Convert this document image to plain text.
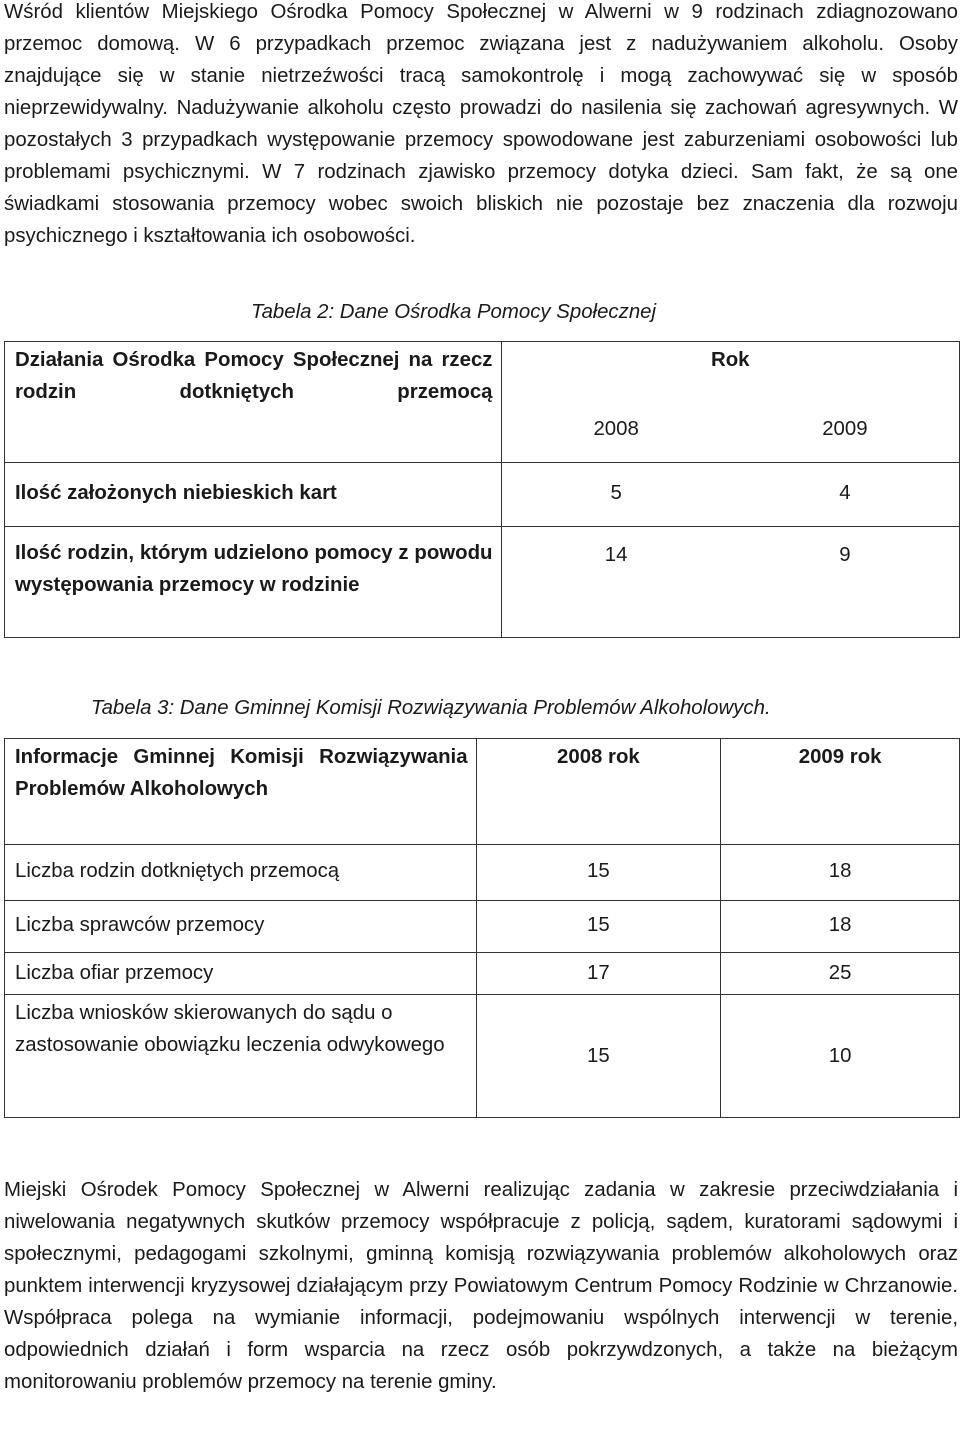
Wśród klientów Miejskiego Ośrodka Pomocy Społecznej w Alwerni w 9 rodzinach zdiagnozowano przemoc domową. W 6 przypadkach przemoc związana jest z nadużywaniem alkoholu. Osoby znajdujące się w stanie nietrzeźwości tracą samokontrolę i mogą zachowywać się w sposób nieprzewidywalny. Nadużywanie alkoholu często prowadzi do nasilenia się zachowań agresywnych. W pozostałych 3 przypadkach występowanie przemocy spowodowane jest zaburzeniami osobowości lub problemami psychicznymi. W 7 rodzinach zjawisko przemocy dotyka dzieci. Sam fakt, że są one świadkami stosowania przemocy wobec swoich bliskich nie pozostaje bez znaczenia dla rozwoju psychicznego i kształtowania ich osobowości.

Tabela 2: Dane Ośrodka Pomocy Społecznej
Działania Ośrodka Pomocy Społecznej na rzecz rodzin dotkniętych przemocą	Rok	
	2008	2009
Ilość założonych niebieskich kart	5	4
Ilość rodzin, którym udzielono pomocy z powodu występowania przemocy w rodzinie	14	9
Tabela 3: Dane Gminnej Komisji Rozwiązywania Problemów Alkoholowych.
Informacje Gminnej Komisji Rozwiązywania Problemów Alkoholowych	2008 rok	2009 rok
Liczba rodzin dotkniętych przemocą	15	18
Liczba sprawców przemocy	15	18
Liczba ofiar przemocy	17	25
Liczba wniosków skierowanych do sądu o zastosowanie obowiązku leczenia odwykowego	15	10

Miejski Ośrodek Pomocy Społecznej w Alwerni realizując zadania w zakresie przeciwdziałania i niwelowania negatywnych skutków przemocy współpracuje z policją, sądem, kuratorami sądowymi i społecznymi, pedagogami szkolnymi, gminną komisją rozwiązywania problemów alkoholowych oraz punktem interwencji kryzysowej działającym przy Powiatowym Centrum Pomocy Rodzinie w Chrzanowie. Współpraca polega na wymianie informacji, podejmowaniu wspólnych interwencji w terenie, odpowiednich działań i form wsparcia na rzecz osób pokrzywdzonych, a także na bieżącym monitorowaniu problemów przemocy na terenie gminy.
